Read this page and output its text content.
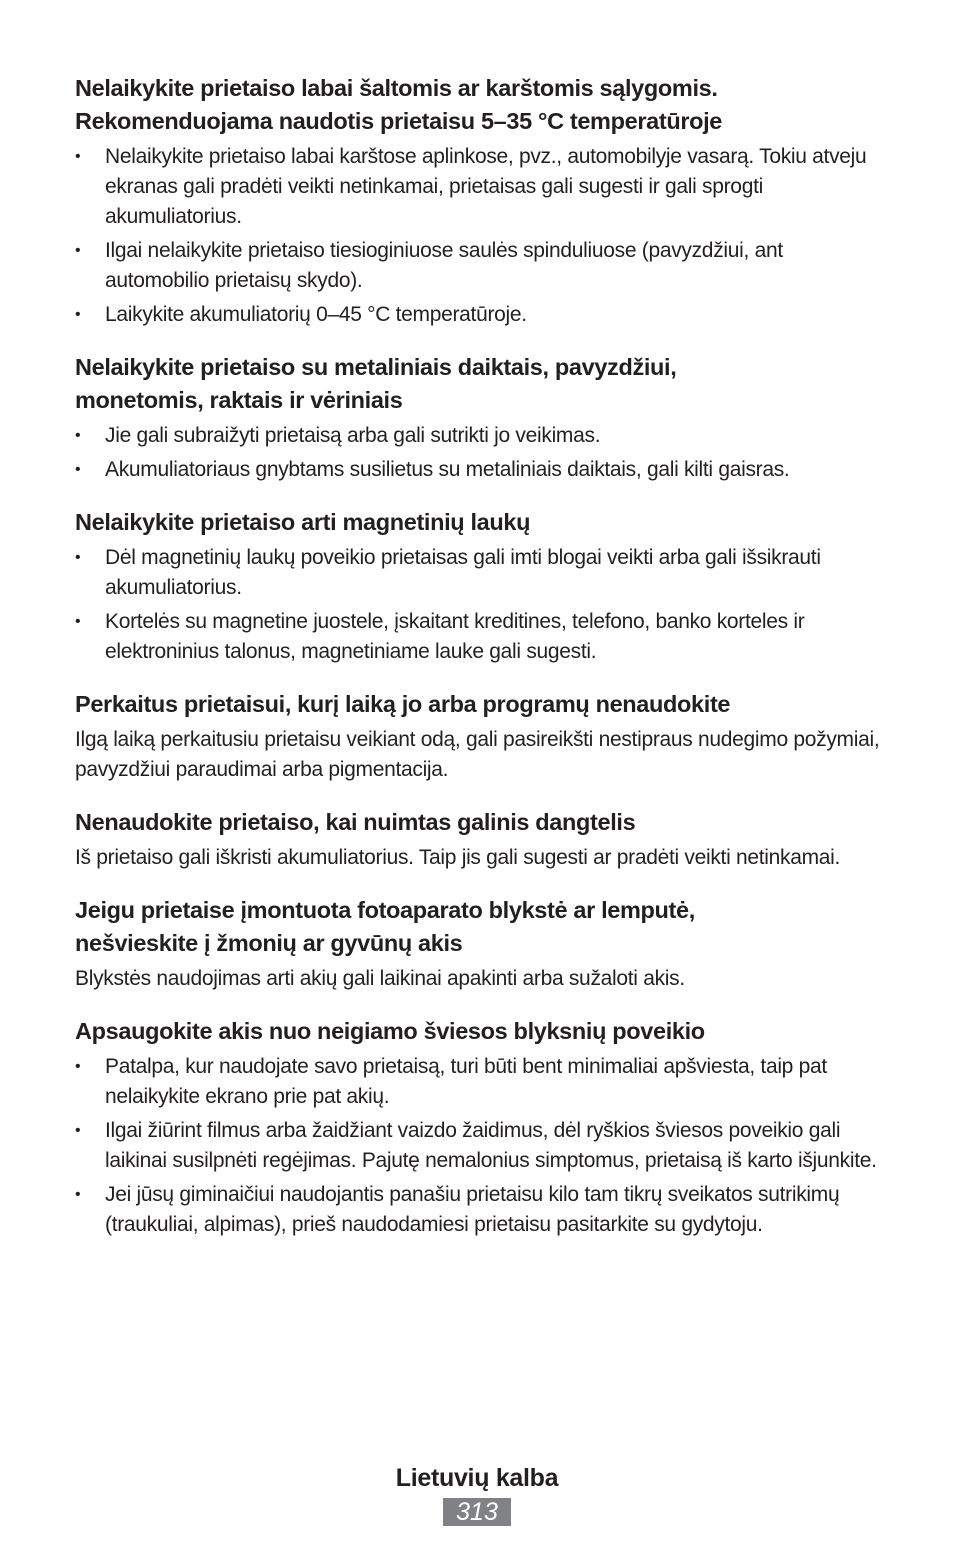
Nelaikykite prietaiso labai šaltomis ar karštomis sąlygomis.
Rekomenduojama naudotis prietaisu 5–35 °C temperatūroje
•	Nelaikykite prietaiso labai karštose aplinkose, pvz., automobilyje vasarą. Tokiu atveju ekranas gali pradėti veikti netinkamai, prietaisas gali sugesti ir gali sprogti akumuliatorius.
•	Ilgai nelaikykite prietaiso tiesioginiuose saulės spinduliuose (pavyzdžiui, ant automobilio prietaisų skydo).
•	Laikykite akumuliatorių 0–45 °C temperatūroje.
Nelaikykite prietaiso su metaliniais daiktais, pavyzdžiui,
monetomis, raktais ir vėriniais
•	Jie gali subraižyti prietaisą arba gali sutrikti jo veikimas.
•	Akumuliatoriaus gnybtams susilietus su metaliniais daiktais, gali kilti gaisras.
Nelaikykite prietaiso arti magnetinių laukų
•	Dėl magnetinių laukų poveikio prietaisas gali imti blogai veikti arba gali išsikrauti akumuliatorius.
•	Kortelės su magnetine juostele, įskaitant kreditines, telefono, banko korteles ir elektroninius talonus, magnetiniame lauke gali sugesti.
Perkaitus prietaisui, kurį laiką jo arba programų nenaudokite

Ilgą laiką perkaitusiu prietaisu veikiant odą, gali pasireikšti nestipraus nudegimo požymiai, pavyzdžiui paraudimai arba pigmentacija.

Nenaudokite prietaiso, kai nuimtas galinis dangtelis

Iš prietaiso gali iškristi akumuliatorius. Taip jis gali sugesti ar pradėti veikti netinkamai.

Jeigu prietaise įmontuota fotoaparato blykstė ar lemputė,
nešvieskite į žmonių ar gyvūnų akis

Blykstės naudojimas arti akių gali laikinai apakinti arba sužaloti akis.

Apsaugokite akis nuo neigiamo šviesos blyksnių poveikio
•	Patalpa, kur naudojate savo prietaisą, turi būti bent minimaliai apšviesta, taip pat nelaikykite ekrano prie pat akių.
•	Ilgai žiūrint filmus arba žaidžiant vaizdo žaidimus, dėl ryškios šviesos poveikio gali laikinai susilpnėti regėjimas. Pajutę nemalonius simptomus, prietaisą iš karto išjunkite.
•	Jei jūsų giminaičiui naudojantis panašiu prietaisu kilo tam tikrų sveikatos sutrikimų (traukuliai, alpimas), prieš naudodamiesi prietaisu pasitarkite su gydytoju.
Lietuvių kalba
313
